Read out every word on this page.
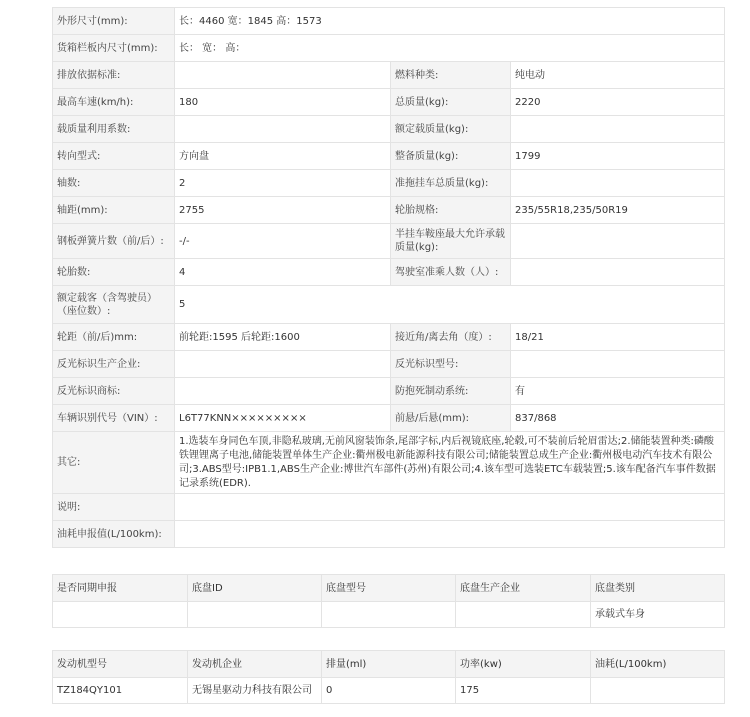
外形尺寸(mm):	长：4460 宽：1845 高：1573		
货箱栏板内尺寸(mm):	长： 宽： 高：		
排放依据标准:		燃料种类:	纯电动
最高车速(km/h):	180	总质量(kg):	2220
载质量利用系数:		额定载质量(kg):	
转向型式:	方向盘	整备质量(kg):	1799
轴数:	2	准拖挂车总质量(kg):	
轴距(mm):	2755	轮胎规格:	235/55R18,235/50R19
钢板弹簧片数（前/后）:	-/-	半挂车鞍座最大允许承载质量(kg):	
轮胎数:	4	驾驶室准乘人数（人）:	
额定载客（含驾驶员）（座位数）:	5		
轮距（前/后)mm:	前轮距:1595 后轮距:1600	接近角/离去角（度）:	18/21
反光标识生产企业:		反光标识型号:	
反光标识商标:		防抱死制动系统:	有
车辆识别代号（VIN）:	L6T77KNN×××××××××	前悬/后悬(mm):	837/868
其它:	1.选装车身同色车顶,非隐私玻璃,无前风窗装饰条,尾部字标,内后视镜底座,轮毂,可不装前后轮眉雷达;2.储能装置种类:磷酸铁锂锂离子电池,储能装置单体生产企业:衢州极电新能源科技有限公司;储能装置总成生产企业:衢州极电动汽车技术有限公司;3.ABS型号:IPB1.1,ABS生产企业:博世汽车部件(苏州)有限公司;4.该车型可选装ETC车载装置;5.该车配备汽车事件数据记录系统(EDR).		
说明:			
油耗申报值(L/100km):			
是否同期申报	底盘ID	底盘型号	底盘生产企业	底盘类别
				承载式车身
发动机型号	发动机企业	排量(ml)	功率(kw)	油耗(L/100km)
TZ184QY101	无锡星驱动力科技有限公司	0	175	
